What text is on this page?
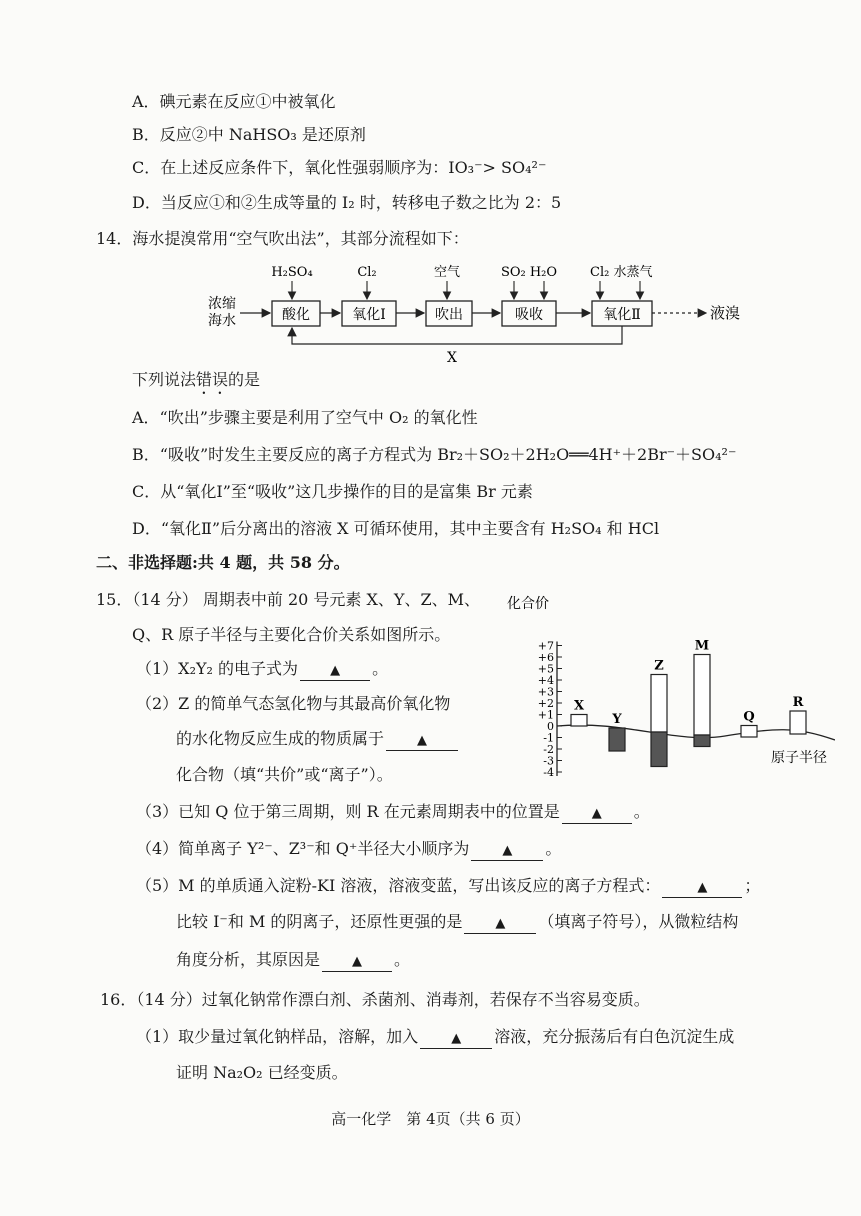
A．碘元素在反应①中被氧化
B．反应②中 NaHSO₃ 是还原剂
C．在上述反应条件下，氧化性强弱顺序为：IO₃⁻> SO₄²⁻
D．当反应①和②生成等量的 I₂ 时，转移电子数之比为 2：5
14．海水提溴常用“空气吹出法”，其部分流程如下：
浓缩
海水	酸化	氧化Ⅰ	吹出	吸收	氧化Ⅱ	液溴
H₂SO₄	Cl₂	空气	SO₂ H₂O	Cl₂ 水蒸气
X
下列说法错误的是
A．“吹出”步骤主要是利用了空气中 O₂ 的氧化性
B．“吸收”时发生主要反应的离子方程式为 Br₂＋SO₂＋2H₂O══4H⁺＋2Br⁻＋SO₄²⁻
C．从“氧化Ⅰ”至“吸收”这几步操作的目的是富集 Br 元素
D．“氧化Ⅱ”后分离出的溶液 X 可循环使用，其中主要含有 H₂SO₄ 和 HCl
二、非选择题:共 4 题，共 58 分。
15．（14 分） 周期表中前 20 号元素 X、Y、Z、M、
Q、R 原子半径与主要化合价关系如图所示。
（1）X₂Y₂ 的电子式为 ▲ 。
（2）Z 的简单气态氢化物与其最高价氧化物
的水化物反应生成的物质属于	▲
化合物（填“共价”或“离子”）。
化合价
+7
+6
+5
+4
+3
+2
+1
0
-1
-2
-3
-4
原子半径
X
Y
Z
M
Q
R
（3）已知 Q 位于第三周期，则 R 在元素周期表中的位置是 ▲ 。
（4）简单离子 Y²⁻、Z³⁻和 Q⁺半径大小顺序为	▲ 。
（5）M 的单质通入淀粉-KI 溶液，溶液变蓝，写出该反应的离子方程式：	▲ ；
比较 I⁻和 M 的阴离子，还原性更强的是	▲ （填离子符号），从微粒结构
角度分析，其原因是 ▲ 。
16．（14 分）过氧化钠常作漂白剂、杀菌剂、消毒剂，若保存不当容易变质。
（1）取少量过氧化钠样品，溶解，加入	▲ 溶液，充分振荡后有白色沉淀生成
证明 Na₂O₂ 已经变质。
高一化学　第 4页（共 6 页）
